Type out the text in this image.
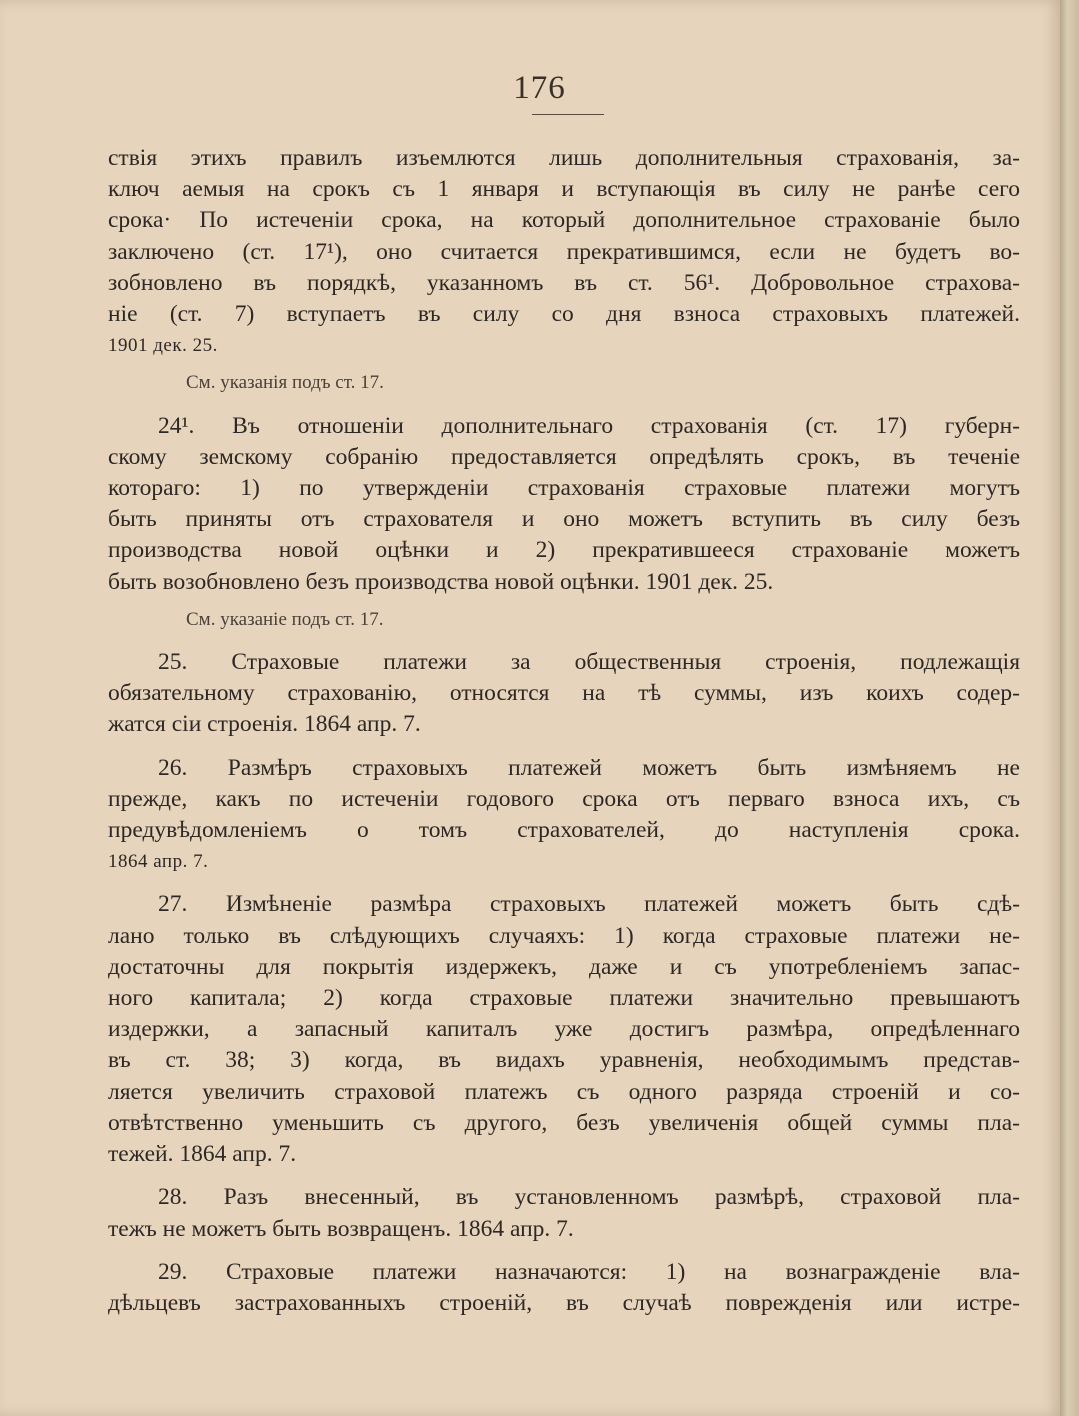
176

ствія этихъ правилъ изъемлются лишь дополнительныя страхованія, за-

ключ аемыя на срокъ съ 1 января и вступающія въ силу не ранѣе сего

срока· По истеченіи срока, на который дополнительное страхованіе было

заключено (ст. 17¹), оно считается прекратившимся, если не будетъ во-

зобновлено въ порядкѣ, указанномъ въ ст. 56¹. Добровольное страхова-

ніе (ст. 7) вступаетъ въ силу со дня взноса страховыхъ платежей.

1901 дек. 25.

См. указанія подъ ст. 17.

24¹. Въ отношеніи дополнительнаго страхованія (ст. 17) губерн-

скому земскому собранію предоставляется опредѣлять срокъ, въ теченіе

котораго: 1) по утвержденіи страхованія страховые платежи могутъ

быть приняты отъ страхователя и оно можетъ вступить въ силу безъ

производства новой оцѣнки и 2) прекратившееся страхованіе можетъ

быть возобновлено безъ производства новой оцѣнки. 1901 дек. 25.

См. указаніе подъ ст. 17.

25. Страховые платежи за общественныя строенія, подлежащія

обязательному страхованію, относятся на тѣ суммы, изъ коихъ содер-

жатся сіи строенія. 1864 апр. 7.

26. Размѣръ страховыхъ платежей можетъ быть измѣняемъ не

прежде, какъ по истеченіи годового срока отъ перваго взноса ихъ, съ

предувѣдомленіемъ о томъ страхователей, до наступленія срока.

1864 апр. 7.

27. Измѣненіе размѣра страховыхъ платежей можетъ быть сдѣ-

лано только въ слѣдующихъ случаяхъ: 1) когда страховые платежи не-

достаточны для покрытія издержекъ, даже и съ употребленіемъ запас-

ного капитала; 2) когда страховые платежи значительно превышаютъ

издержки, а запасный капиталъ уже достигъ размѣра, опредѣленнаго

въ ст. 38; 3) когда, въ видахъ уравненія, необходимымъ представ-

ляется увеличить страховой платежъ съ одного разряда строеній и со-

отвѣтственно уменьшить съ другого, безъ увеличенія общей суммы пла-

тежей. 1864 апр. 7.

28. Разъ внесенный, въ установленномъ размѣрѣ, страховой пла-

тежъ не можетъ быть возвращенъ. 1864 апр. 7.

29. Страховые платежи назначаются: 1) на вознагражденіе вла-

дѣльцевъ застрахованныхъ строеній, въ случаѣ поврежденія или истре-
